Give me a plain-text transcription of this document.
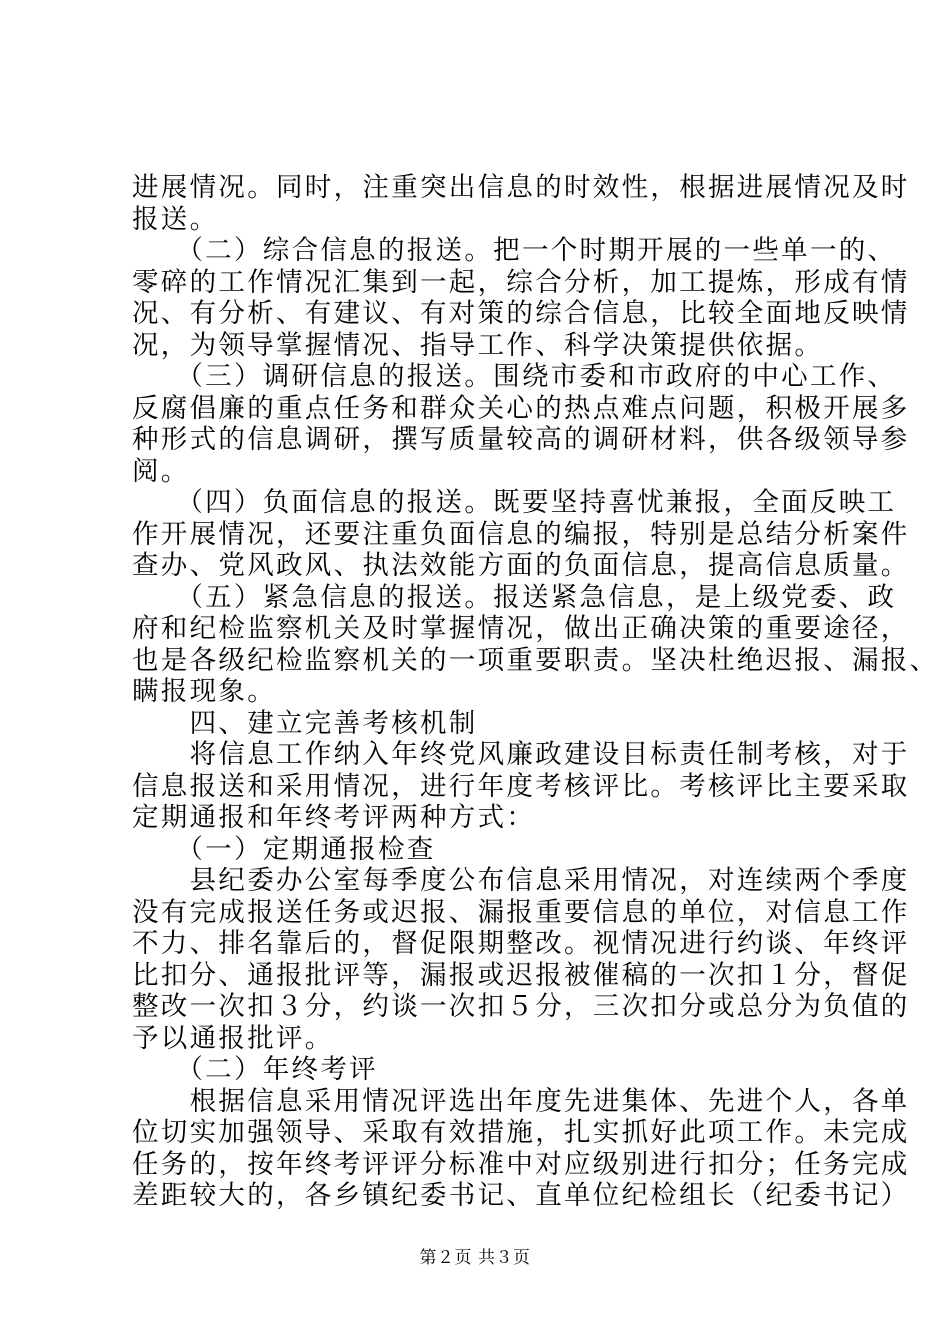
进展情况。同时，注重突出信息的时效性，根据进展情况及时
报送。
　　（二）综合信息的报送。把一个时期开展的一些单一的、
零碎的工作情况汇集到一起，综合分析，加工提炼，形成有情
况、有分析、有建议、有对策的综合信息，比较全面地反映情
况，为领导掌握情况、指导工作、科学决策提供依据。
　　（三）调研信息的报送。围绕市委和市政府的中心工作、
反腐倡廉的重点任务和群众关心的热点难点问题，积极开展多
种形式的信息调研，撰写质量较高的调研材料，供各级领导参
阅。
　　（四）负面信息的报送。既要坚持喜忧兼报，全面反映工
作开展情况，还要注重负面信息的编报，特别是总结分析案件
查办、党风政风、执法效能方面的负面信息，提高信息质量。
　　（五）紧急信息的报送。报送紧急信息，是上级党委、政
府和纪检监察机关及时掌握情况，做出正确决策的重要途径，
也是各级纪检监察机关的一项重要职责。坚决杜绝迟报、漏报、
瞒报现象。
　　四、建立完善考核机制
　　将信息工作纳入年终党风廉政建设目标责任制考核，对于
信息报送和采用情况，进行年度考核评比。考核评比主要采取
定期通报和年终考评两种方式：
　　（一）定期通报检查
　　县纪委办公室每季度公布信息采用情况，对连续两个季度
没有完成报送任务或迟报、漏报重要信息的单位，对信息工作
不力、排名靠后的，督促限期整改。视情况进行约谈、年终评
比扣分、通报批评等，漏报或迟报被催稿的一次扣１分，督促
整改一次扣３分，约谈一次扣５分，三次扣分或总分为负值的
予以通报批评。
　　（二）年终考评
　　根据信息采用情况评选出年度先进集体、先进个人，各单
位切实加强领导、采取有效措施，扎实抓好此项工作。未完成
任务的，按年终考评评分标准中对应级别进行扣分；任务完成
差距较大的，各乡镇纪委书记、直单位纪检组长（纪委书记）
第２页 共３页
